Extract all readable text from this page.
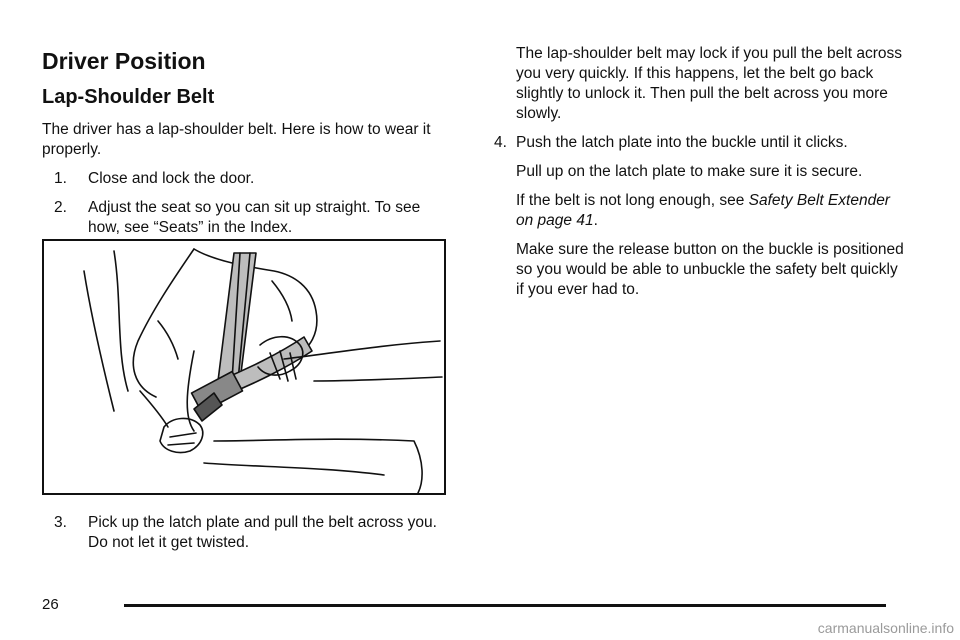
Driver Position
Lap-Shoulder Belt

The driver has a lap-shoulder belt. Here is how to wear it properly.

1.	Close and lock the door.
2.	Adjust the seat so you can sit up straight. To see how, see “Seats” in the Index.
3.	Pick up the latch plate and pull the belt across you. Do not let it get twisted.

The lap-shoulder belt may lock if you pull the belt across you very quickly. If this happens, let the belt go back slightly to unlock it. Then pull the belt across you more slowly.

4. Push the latch plate into the buckle until it clicks.

Pull up on the latch plate to make sure it is secure.

If the belt is not long enough, see Safety Belt Extender on page 41.

Make sure the release button on the buckle is positioned so you would be able to unbuckle the safety belt quickly if you ever had to.

26
carmanualsonline.info
